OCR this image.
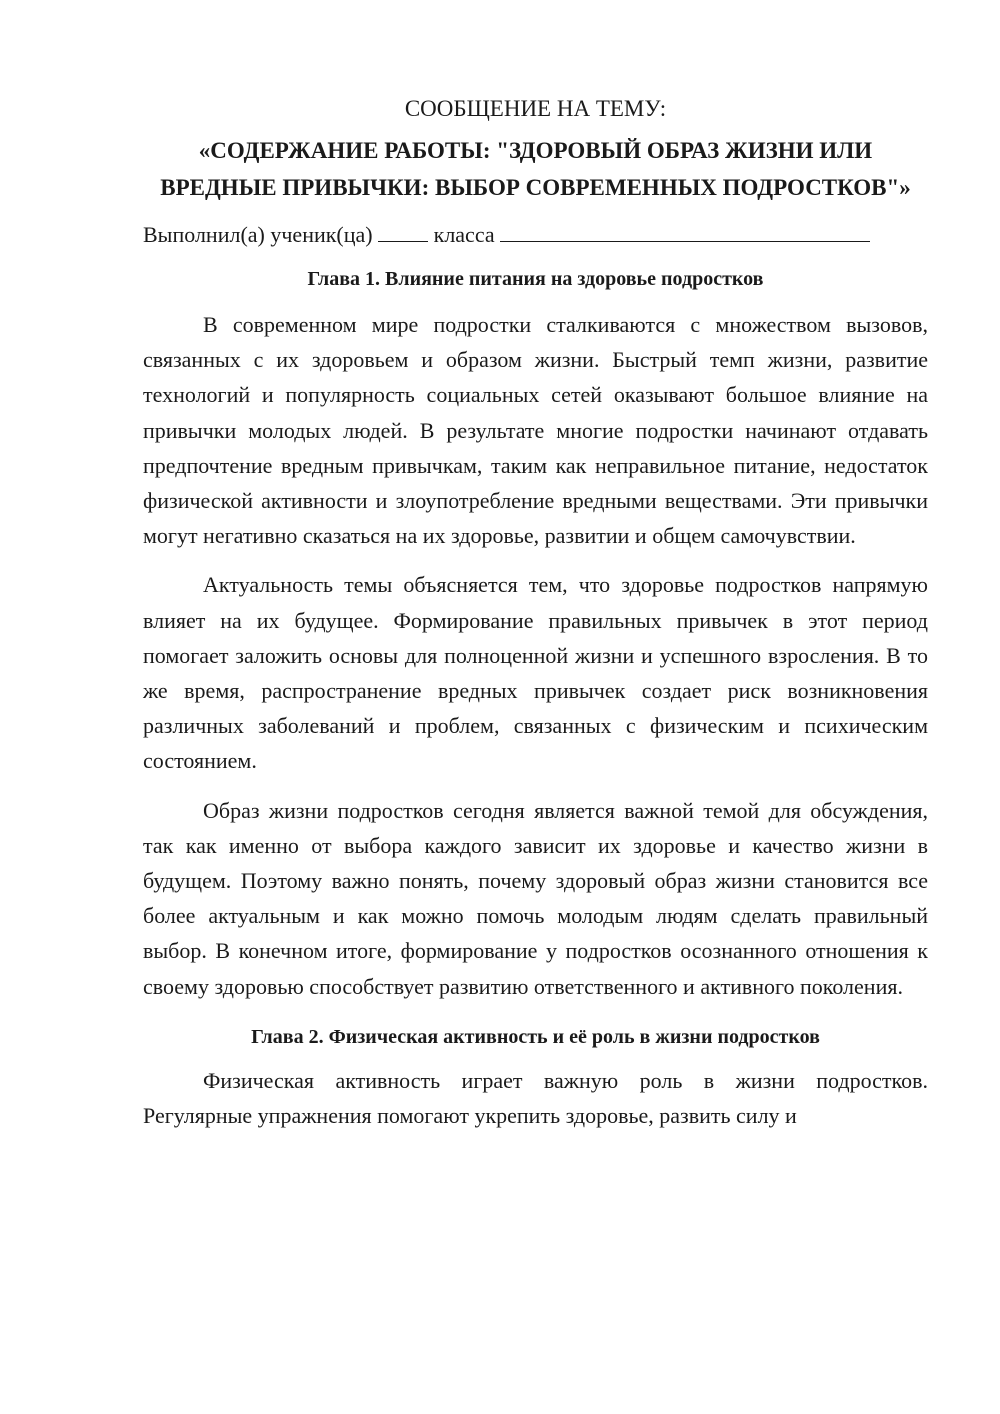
СООБЩЕНИЕ НА ТЕМУ:
«СОДЕРЖАНИЕ РАБОТЫ: "ЗДОРОВЫЙ ОБРАЗ ЖИЗНИ ИЛИ ВРЕДНЫЕ ПРИВЫЧКИ: ВЫБОР СОВРЕМЕННЫХ ПОДРОСТКОВ"»
Выполнил(а) ученик(ца)	класса
Глава 1. Влияние питания на здоровье подростков

В современном мире подростки сталкиваются с множеством вызовов, связанных с их здоровьем и образом жизни. Быстрый темп жизни, развитие технологий и популярность социальных сетей оказывают большое влияние на привычки молодых людей. В результате многие подростки начинают отдавать предпочтение вредным привычкам, таким как неправильное питание, недостаток физической активности и злоупотребление вредными веществами. Эти привычки могут негативно сказаться на их здоровье, развитии и общем самочувствии.

Актуальность темы объясняется тем, что здоровье подростков напрямую влияет на их будущее. Формирование правильных привычек в этот период помогает заложить основы для полноценной жизни и успешного взросления. В то же время, распространение вредных привычек создает риск возникновения различных заболеваний и проблем, связанных с физическим и психическим состоянием.

Образ жизни подростков сегодня является важной темой для обсуждения, так как именно от выбора каждого зависит их здоровье и качество жизни в будущем. Поэтому важно понять, почему здоровый образ жизни становится все более актуальным и как можно помочь молодым людям сделать правильный выбор. В конечном итоге, формирование у подростков осознанного отношения к своему здоровью способствует развитию ответственного и активного поколения.

Глава 2. Физическая активность и её роль в жизни подростков

Физическая активность играет важную роль в жизни подростков. Регулярные упражнения помогают укрепить здоровье, развить силу и
